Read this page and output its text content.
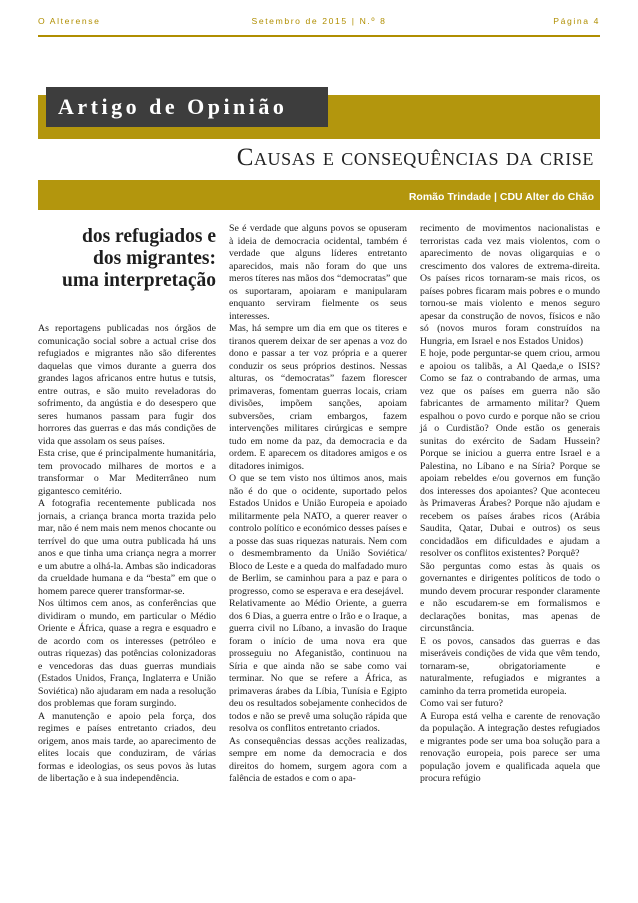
O Alterense	Setembro de 2015 | N.º 8	Página 4
Artigo de Opinião
Causas e consequências da crise
Romão Trindade | CDU Alter do Chão
dos refugiados e
dos migrantes:
uma interpretação

As reportagens publicadas nos órgãos de comunicação social sobre a actual crise dos refugiados e migrantes não são diferentes daquelas que vimos durante a guerra dos grandes lagos africanos entre hutus e tutsis, entre outras, e são muito reveladoras do sofrimento, da angústia e do desespero que seres humanos passam para fugir dos horrores das guerras e das más condições de vida que assolam os seus países.

Esta crise, que é principalmente humanitária, tem provocado milhares de mortos e a transformar o Mar Mediterrâneo num gigantesco cemitério.

A fotografia recentemente publicada nos jornais, a criança branca morta trazida pelo mar, não é nem mais nem menos chocante ou terrível do que uma outra publicada há uns anos e que tinha uma criança negra a morrer e um abutre a olhá-la. Ambas são indicadoras da crueldade humana e da “besta” em que o homem parece querer transformar-se.

Nos últimos cem anos, as conferências que dividiram o mundo, em particular o Médio Oriente e África, quase a regra e esquadro e de acordo com os interesses (petróleo e outras riquezas) das potências colonizadoras e vencedoras das duas guerras mundiais (Estados Unidos, França, Inglaterra e União Soviética) não ajudaram em nada a resolução dos problemas que foram surgindo.

A manutenção e apoio pela força, dos regimes e países entretanto criados, deu origem, anos mais tarde, ao aparecimento de elites locais que conduziram, de várias formas e ideologias, os seus povos às lutas de libertação e à sua independência.

Se é verdade que alguns povos se opuseram à ideia de democracia ocidental, também é verdade que alguns líderes entretanto aparecidos, mais não foram do que uns meros títeres nas mãos dos “democratas” que os suportaram, apoiaram e manipularam enquanto serviram fielmente os seus interesses.

Mas, há sempre um dia em que os titeres e tiranos querem deixar de ser apenas a voz do dono e passar a ter voz própria e a querer conduzir os seus próprios destinos. Nessas alturas, os “democratas” fazem florescer primaveras, fomentam guerras locais, criam divisões, impõem sanções, apoiam subversões, criam embargos, fazem intervenções militares cirúrgicas e sempre tudo em nome da paz, da democracia e da ordem. E aparecem os ditadores amigos e os ditadores inimigos.

O que se tem visto nos últimos anos, mais não é do que o ocidente, suportado pelos Estados Unidos e União Europeia e apoiado militarmente pela NATO, a querer reaver o controlo político e económico desses países e a posse das suas riquezas naturais. Nem com o desmembramento da União Soviética/ Bloco de Leste e a queda do malfadado muro de Berlim, se caminhou para a paz e para o progresso, como se esperava e era desejável.

Relativamente ao Médio Oriente, a guerra dos 6 Dias, a guerra entre o Irão e o Iraque, a guerra civil no Líbano, a invasão do Iraque foram o início de uma nova era que prosseguiu no Afeganistão, continuou na Síria e que ainda não se sabe como vai terminar. No que se refere a África, as primaveras árabes da Líbia, Tunísia e Egipto deu os resultados sobejamente conhecidos de todos e não se prevê uma solução rápida que resolva os conflitos entretanto criados.

As consequências dessas acções realizadas, sempre em nome da democracia e dos direitos do homem, surgem agora com a falência de estados e com o apa-

recimento de movimentos nacionalistas e terroristas cada vez mais violentos, com o aparecimento de novas oligarquias e o crescimento dos valores de extrema-direita. Os países ricos tornaram-se mais ricos, os países pobres ficaram mais pobres e o mundo tornou-se mais violento e menos seguro apesar da construção de novos, físicos e não só (novos muros foram construídos na Hungria, em Israel e nos Estados Unidos)

E hoje, pode perguntar-se quem criou, armou e apoiou os talibãs, a Al Qaeda,e o ISIS? Como se faz o contrabando de armas, uma vez que os países em guerra não são fabricantes de armamento militar? Quem espalhou o povo curdo e porque não se criou já o Curdistão? Onde estão os generais sunitas do exército de Sadam Hussein? Porque se iniciou a guerra entre Israel e a Palestina, no Líbano e na Síria? Porque se apoiam rebeldes e/ou governos em função dos interesses dos apoiantes? Que aconteceu às Primaveras Árabes? Porque não ajudam e recebem os países árabes ricos (Arábia Saudita, Qatar, Dubai e outros) os seus concidadãos em dificuldades e ajudam a resolver os conflitos existentes? Porquê?

São perguntas como estas às quais os governantes e dirigentes políticos de todo o mundo devem procurar responder claramente e não escudarem-se em formalismos e declarações bonitas, mas apenas de circunstância.

E os povos, cansados das guerras e das miseráveis condições de vida que vêm tendo, tornaram-se, obrigatoriamente e naturalmente, refugiados e migrantes a caminho da terra prometida europeia.

Como vai ser futuro?

A Europa está velha e carente de renovação da população. A integração destes refugiados e migrantes pode ser uma boa solução para a renovação europeia, pois parece ser uma população jovem e qualificada aquela que procura refúgio
